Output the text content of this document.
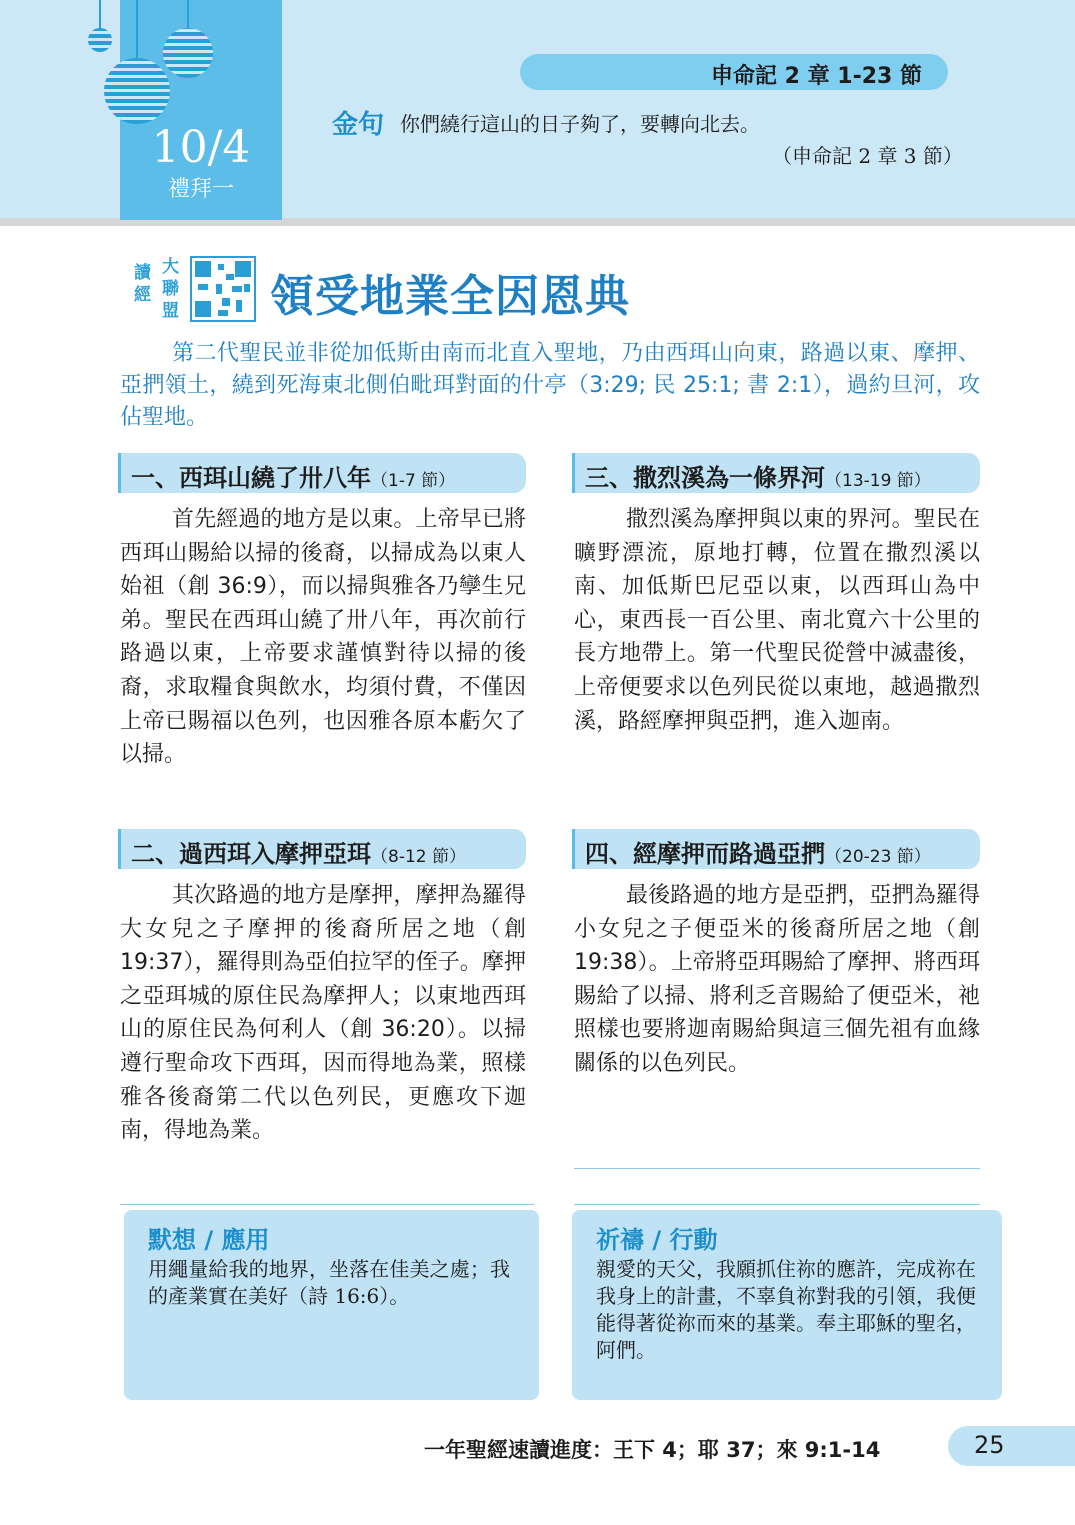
10/4
禮拜一
申命記 2 章 1-23 節
金句 你們繞行這山的日子夠了，要轉向北去。
（申命記 2 章 3 節）
讀經
大聯盟 領受地業全因恩典
第二代聖民並非從加低斯由南而北直入聖地，乃由西珥山向東，路過以東、摩押、亞捫領土，繞到死海東北側伯毗珥對面的什亭（3:29; 民 25:1; 書 2:1），過約旦河，攻佔聖地。
一、西珥山繞了卅八年（1-7 節）
首先經過的地方是以東。上帝早已將西珥山賜給以掃的後裔，以掃成為以東人始祖（創 36:9），而以掃與雅各乃孿生兄弟。聖民在西珥山繞了卅八年，再次前行路過以東，上帝要求謹慎對待以掃的後裔，求取糧食與飲水，均須付費，不僅因上帝已賜福以色列，也因雅各原本虧欠了以掃。
三、撒烈溪為一條界河（13-19 節）
撒烈溪為摩押與以東的界河。聖民在曠野漂流，原地打轉，位置在撒烈溪以南、加低斯巴尼亞以東，以西珥山為中心，東西長一百公里、南北寬六十公里的長方地帶上。第一代聖民從營中滅盡後，上帝便要求以色列民從以東地，越過撒烈溪，路經摩押與亞捫，進入迦南。
二、過西珥入摩押亞珥（8-12 節）
其次路過的地方是摩押，摩押為羅得大女兒之子摩押的後裔所居之地（創 19:37），羅得則為亞伯拉罕的侄子。摩押之亞珥城的原住民為摩押人；以東地西珥山的原住民為何利人（創 36:20）。以掃遵行聖命攻下西珥，因而得地為業，照樣雅各後裔第二代以色列民，更應攻下迦南，得地為業。
四、經摩押而路過亞捫（20-23 節）
最後路過的地方是亞捫，亞捫為羅得小女兒之子便亞米的後裔所居之地（創 19:38）。上帝將亞珥賜給了摩押、將西珥賜給了以掃、將利乏音賜給了便亞米，祂照樣也要將迦南賜給與這三個先祖有血緣關係的以色列民。
默想 / 應用
用繩量給我的地界，坐落在佳美之處；我的產業實在美好（詩 16:6）。
祈禱 / 行動
親愛的天父，我願抓住祢的應許，完成祢在我身上的計畫，不辜負祢對我的引領，我便能得著從祢而來的基業。奉主耶穌的聖名，阿們。
一年聖經速讀進度：王下 4；耶 37；來 9:1-14	25
